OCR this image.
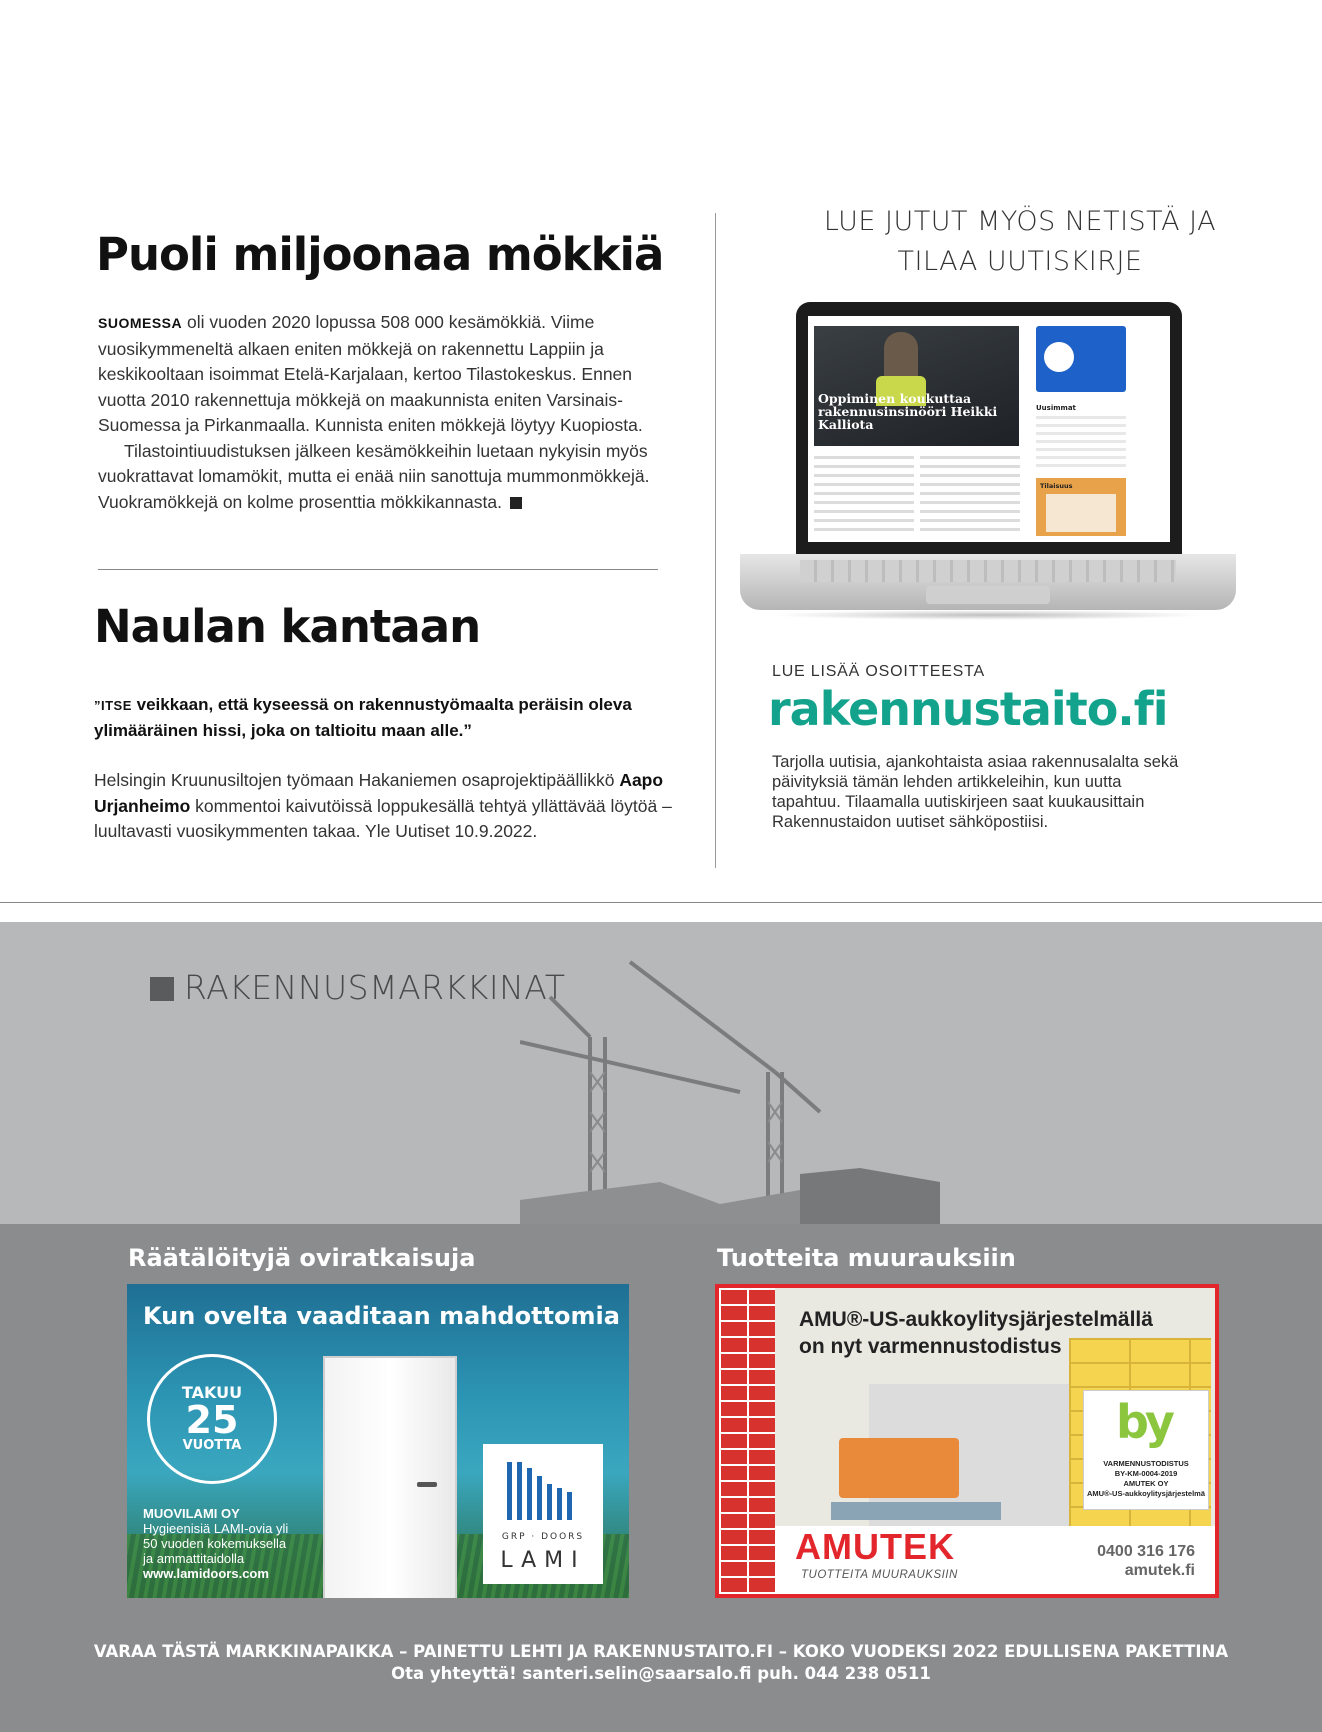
Puoli miljoonaa mökkiä
SUOMESSA oli vuoden 2020 lopussa 508 000 kesämökkiä. Viime vuosikymmeneltä alkaen eniten mökkejä on rakennettu Lappiin ja keskikooltaan isoimmat Etelä-Karjalaan, kertoo Tilastokeskus. Ennen vuotta 2010 rakennettuja mökkejä on maakunnista eniten Varsinais-Suomessa ja Pirkanmaalla. Kunnista eniten mökkejä löytyy Kuopiosta.
Tilastointiuudistuksen jälkeen kesämökkeihin luetaan nykyisin myös vuokrattavat lomamökit, mutta ei enää niin sanottuja mummonmökkejä. Vuokramökkejä on kolme prosenttia mökkikannasta.
Naulan kantaan
”ITSE veikkaan, että kyseessä on rakennustyömaalta peräisin oleva ylimääräinen hissi, joka on taltioitu maan alle.”
Helsingin Kruunusiltojen työmaan Hakaniemen osaprojektipäällikkö Aapo Urjanheimo kommentoi kaivutöissä loppukesällä tehtyä yllättävää löytöä – luultavasti vuosikymmenten takaa. Yle Uutiset 10.9.2022.
LUE JUTUT MYÖS NETISTÄ JA
TILAA UUTISKIRJE
Oppiminen koukuttaa rakennusinsinööri Heikki Kalliota
Uusimmat
Tilaisuus
LUE LISÄÄ OSOITTEESTA
rakennustaito.fi
Tarjolla uutisia, ajankohtaista asiaa rakennusalalta sekä päivityksiä tämän lehden artikkeleihin, kun uutta tapahtuu. Tilaamalla uutiskirjeen saat kuukausittain Rakennustaidon uutiset sähköpostiisi.
RAKENNUSMARKKINAT
Räätälöityjä oviratkaisuja	Tuotteita muurauksiin
Kun ovelta vaaditaan mahdottomia
TAKUU
25
VUOTTA
MUOVILAMI OY
Hygieenisiä LAMI-ovia yli
50 vuoden kokemuksella
ja ammattitaidolla
www.lamidoors.com
GRP · DOORS
LAMI
AMU®-US-aukkoylitysjärjestelmällä
on nyt varmennustodistus
by
VARMENNUSTODISTUS
BY-KM-0004-2019
AMUTEK OY
AMU®-US-aukkoylitysjärjestelmä
AMUTEK
TUOTTEITA MUURAUKSIIN
0400 316 176
amutek.fi
VARAA TÄSTÄ MARKKINAPAIKKA – PAINETTU LEHTI JA RAKENNUSTAITO.FI – KOKO VUODEKSI 2022 EDULLISENA PAKETTINA
Ota yhteyttä! santeri.selin@saarsalo.fi puh. 044 238 0511
